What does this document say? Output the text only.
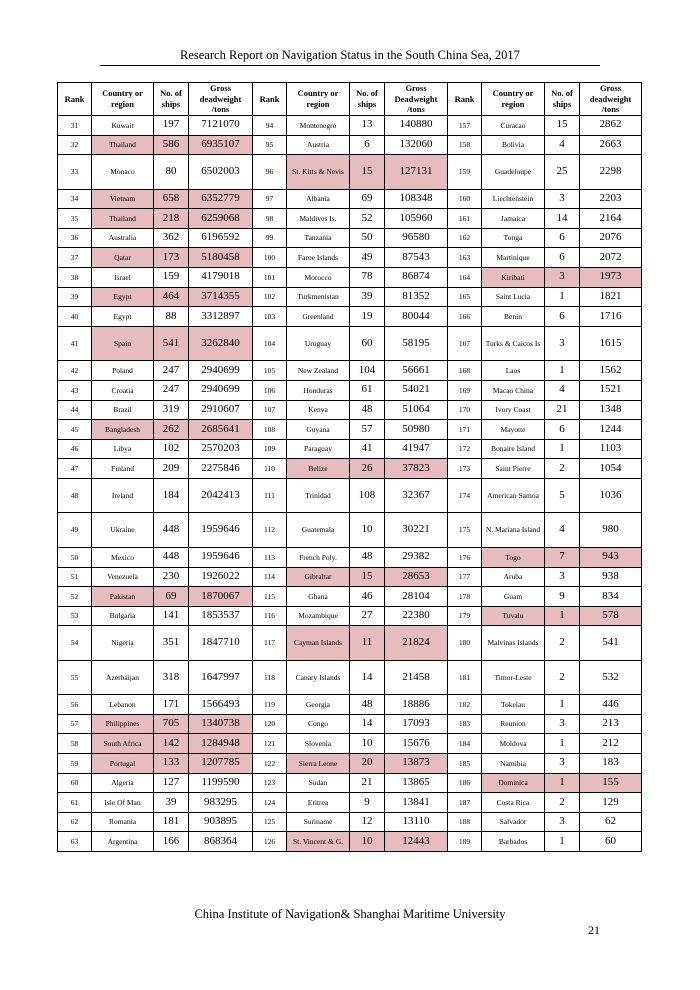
Research Report on Navigation Status in the South China Sea, 2017
Rank	Country or region	No. of ships	Gross deadweight /tons	Rank	Country or region	No. of ships	Gross Deadweight /tons	Rank	Country or region	No. of ships	Gross deadweight /tons
31	Kuwait	197	7121070	94	Montenegro	13	140880	157	Curacao	15	2862
32	Thailand	586	6935107	95	Austria	6	132060	158	Bolivia	4	2663
33	Monaco	80	6502003	96	St. Kitts & Nevis	15	127131	159	Guadeloupe	25	2298
34	Vietnam	658	6352779	97	Albania	69	108348	160	Liechtenstein	3	2203
35	Thailand	218	6259068	98	Maldives Is.	52	105960	161	Jamaica	14	2164
36	Australia	362	6196592	99	Tanzania	50	96580	162	Tonga	6	2076
37	Qatar	173	5180458	100	Faroe Islands	49	87543	163	Martinique	6	2072
38	Israel	159	4179018	101	Morocco	78	86874	164	Kiribati	3	1973
39	Egypt	464	3714355	102	Turkmenistan	39	81352	165	Saint Lucia	1	1821
40	Egypt	88	3312897	103	Greenland	19	80044	166	Benin	6	1716
41	Spain	541	3262840	104	Uruguay	60	58195	167	Turks & Caicos Is	3	1615
42	Poland	247	2940699	105	New Zealand	104	56661	168	Laos	1	1562
43	Croatia	247	2940699	106	Honduras	61	54021	169	Macao China	4	1521
44	Brazil	319	2910607	107	Kenya	48	51064	170	Ivory Coast	21	1348
45	Bangladesh	262	2685641	108	Guyana	57	50980	171	Mayotte	6	1244
46	Libya	102	2570203	109	Paraguay	41	41947	172	Bonaire Island	1	1103
47	Finland	209	2275846	110	Belize	26	37823	173	Saint Pierre	2	1054
48	Ireland	184	2042413	111	Trinidad	108	32367	174	American Samoa	5	1036
49	Ukraine	448	1959646	112	Guatemala	10	30221	175	N. Mariana Island	4	980
50	Mexico	448	1959646	113	French Poly.	48	29382	176	Togo	7	943
51	Venezuela	230	1926022	114	Gibraltar	15	28653	177	Aruba	3	938
52	Pakistan	69	1870067	115	Ghana	46	28104	178	Guam	9	834
53	Bulgaria	141	1853537	116	Mozambique	27	22380	179	Tuvalu	1	578
54	Nigeria	351	1847710	117	Cayman Islands	11	21824	180	Malvinas Islands	2	541
55	Azerbaijan	318	1647997	118	Canary Islands	14	21458	181	Timor-Leste	2	532
56	Lebanon	171	1566493	119	Georgia	48	18886	182	Tokelau	1	446
57	Philippines	705	1340738	120	Congo	14	17093	183	Reunion	3	213
58	South Africa	142	1284948	121	Slovenia	10	15676	184	Moldova	1	212
59	Portugal	133	1207785	122	Sierra Leone	20	13873	185	Namibia	3	183
60	Algeria	127	1199590	123	Sudan	21	13865	186	Dominica	1	155
61	Isle Of Man	39	983295	124	Eritrea	9	13841	187	Costa Rica	2	129
62	Romania	181	903895	125	Suriname	12	13110	188	Salvador	3	62
63	Argentina	166	868364	126	St. Vincent & G.	10	12443	189	Barbados	1	60
China Institute of Navigation& Shanghai Maritime University
21
